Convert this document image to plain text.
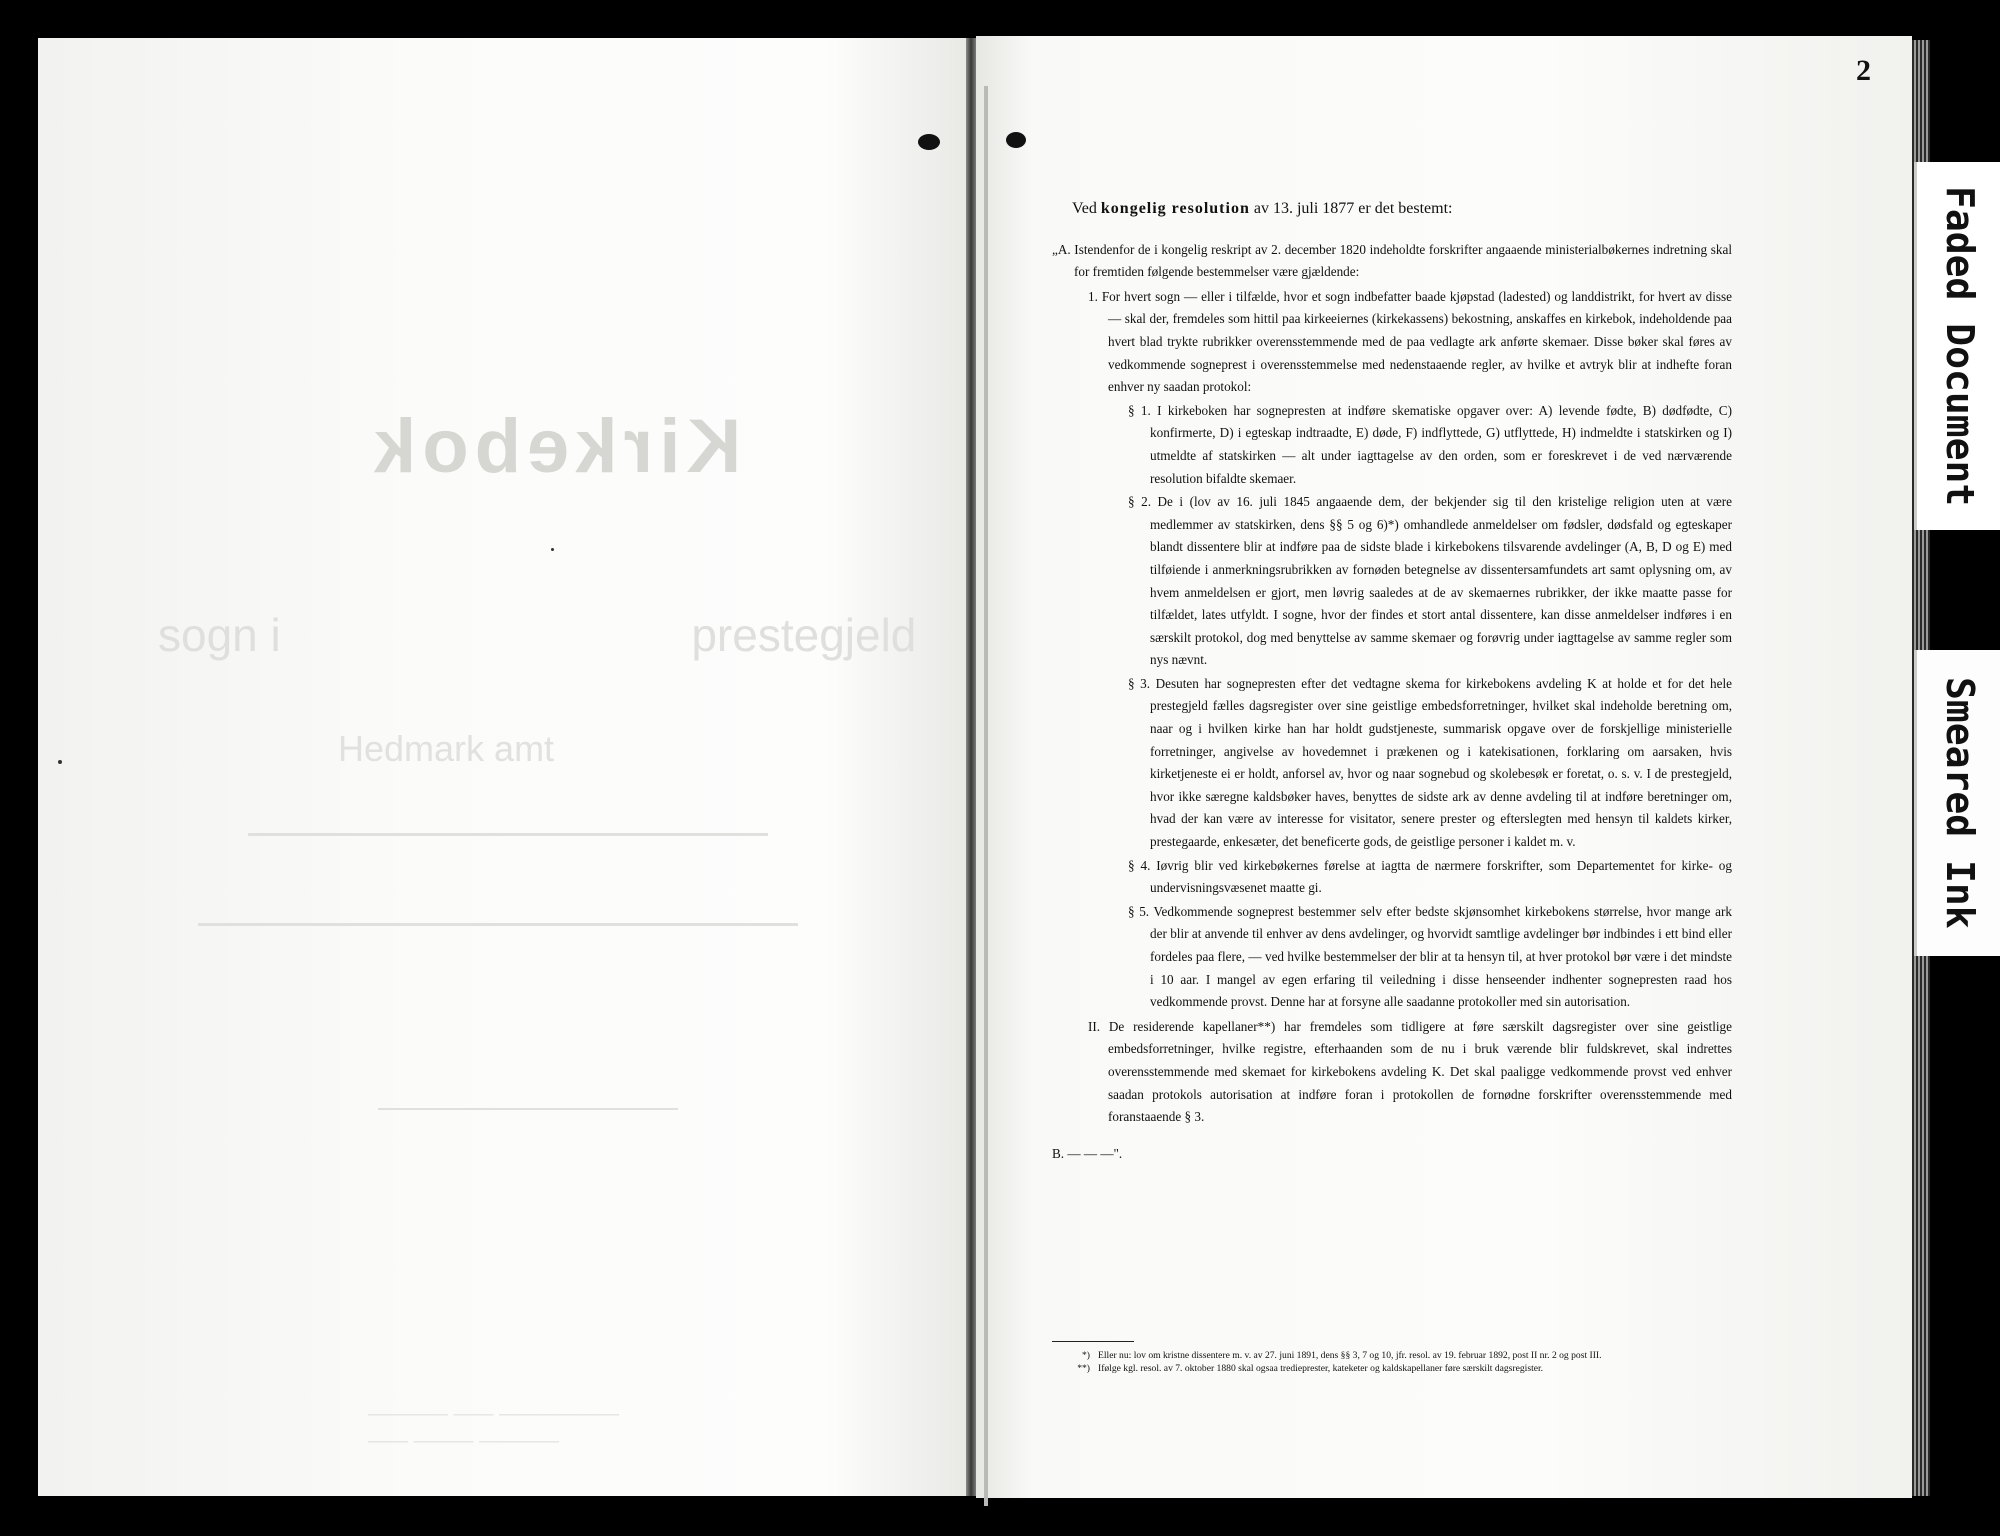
Kirkebok
sogn i	prestegjeld
Hedmark amt
———— —— ——————
—— ——— ————
2

Ved kongelig resolution av 13. juli 1877 er det bestemt:

„A. Istendenfor de i kongelig reskript av 2. december 1820 indeholdte forskrifter angaaende ministerialbøkernes indretning skal for fremtiden følgende bestemmelser være gjældende:

1. For hvert sogn — eller i tilfælde, hvor et sogn indbefatter baade kjøpstad (ladested) og landdistrikt, for hvert av disse — skal der, fremdeles som hittil paa kirkeeiernes (kirkekassens) bekostning, anskaffes en kirkebok, indeholdende paa hvert blad trykte rubrikker overensstemmende med de paa vedlagte ark anførte skemaer. Disse bøker skal føres av vedkommende sogneprest i overensstemmelse med nedenstaaende regler, av hvilke et avtryk blir at indhefte foran enhver ny saadan protokol:

§ 1. I kirkeboken har sognepresten at indføre skematiske opgaver over: A) levende fødte, B) dødfødte, C) konfirmerte, D) i egteskap indtraadte, E) døde, F) indflyttede, G) utflyttede, H) indmeldte i statskirken og I) utmeldte af statskirken — alt under iagttagelse av den orden, som er foreskrevet i de ved nærværende resolution bifaldte skemaer.

§ 2. De i (lov av 16. juli 1845 angaaende dem, der bekjender sig til den kristelige religion uten at være medlemmer av statskirken, dens §§ 5 og 6)*) omhandlede anmeldelser om fødsler, dødsfald og egteskaper blandt dissentere blir at indføre paa de sidste blade i kirkebokens tilsvarende avdelinger (A, B, D og E) med tilføiende i anmerkningsrubrikken av fornøden betegnelse av dissentersamfundets art samt oplysning om, av hvem anmeldelsen er gjort, men løvrig saaledes at de av skemaernes rubrikker, der ikke maatte passe for tilfældet, lates utfyldt. I sogne, hvor der findes et stort antal dissentere, kan disse anmeldelser indføres i en særskilt protokol, dog med benyttelse av samme skemaer og forøvrig under iagttagelse av samme regler som nys nævnt.

§ 3. Desuten har sognepresten efter det vedtagne skema for kirkebokens avdeling K at holde et for det hele prestegjeld fælles dagsregister over sine geistlige embedsforretninger, hvilket skal indeholde beretning om, naar og i hvilken kirke han har holdt gudstjeneste, summarisk opgave over de forskjellige ministerielle forretninger, angivelse av hovedemnet i prækenen og i katekisationen, forklaring om aarsaken, hvis kirketjeneste ei er holdt, anforsel av, hvor og naar sognebud og skolebesøk er foretat, o. s. v. I de prestegjeld, hvor ikke særegne kaldsbøker haves, benyttes de sidste ark av denne avdeling til at indføre beretninger om, hvad der kan være av interesse for visitator, senere prester og efterslegten med hensyn til kaldets kirker, prestegaarde, enkesæter, det beneficerte gods, de geistlige personer i kaldet m. v.

§ 4. Iøvrig blir ved kirkebøkernes førelse at iagtta de nærmere forskrifter, som Departementet for kirke- og undervisningsvæsenet maatte gi.

§ 5. Vedkommende sogneprest bestemmer selv efter bedste skjønsomhet kirkebokens størrelse, hvor mange ark der blir at anvende til enhver av dens avdelinger, og hvorvidt samtlige avdelinger bør indbindes i ett bind eller fordeles paa flere, — ved hvilke bestemmelser der blir at ta hensyn til, at hver protokol bør være i det mindste i 10 aar. I mangel av egen erfaring til veiledning i disse henseender indhenter sognepresten raad hos vedkommende provst. Denne har at forsyne alle saadanne protokoller med sin autorisation.

II. De residerende kapellaner**) har fremdeles som tidligere at føre særskilt dagsregister over sine geistlige embedsforretninger, hvilke registre, efterhaanden som de nu i bruk værende blir fuldskrevet, skal indrettes overensstemmende med skemaet for kirkebokens avdeling K. Det skal paaligge vedkommende provst ved enhver saadan protokols autorisation at indføre foran i protokollen de fornødne forskrifter overensstemmende med foranstaaende § 3.

B. — — —".

*) Eller nu: lov om kristne dissentere m. v. av 27. juni 1891, dens §§ 3, 7 og 10, jfr. resol. av 19. februar 1892, post II nr. 2 og post III.
**) Ifølge kgl. resol. av 7. oktober 1880 skal ogsaa tredieprester, kateketer og kaldskapellaner føre særskilt dagsregister.
Faded Document
Smeared Ink
